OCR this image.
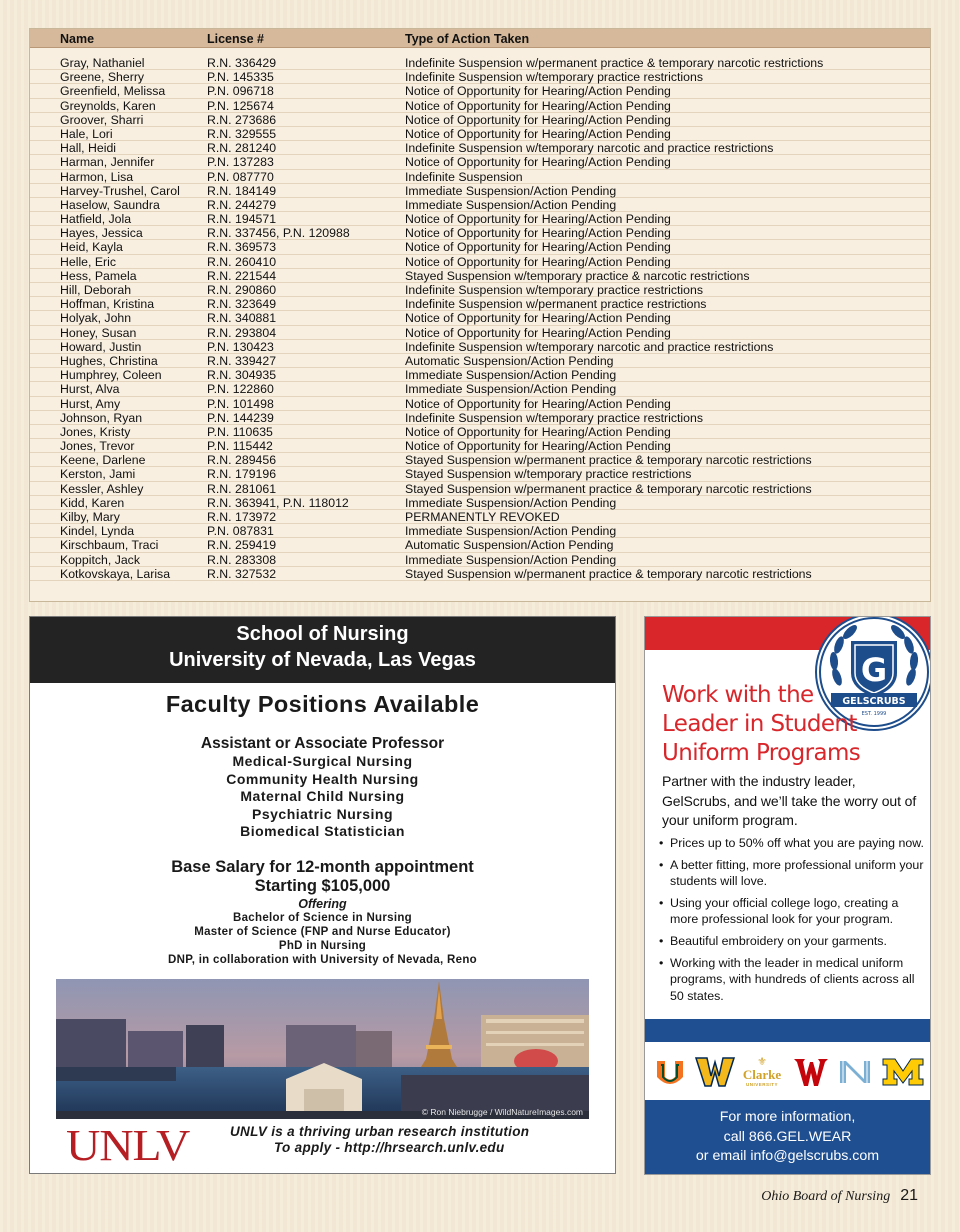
Name	License #	Type of Action Taken
Gray, Nathaniel	R.N. 336429	Indefinite Suspension w/permanent practice & temporary narcotic restrictions
Greene, Sherry	P.N. 145335	Indefinite Suspension w/temporary practice restrictions
Greenfield, Melissa	P.N. 096718	Notice of Opportunity for Hearing/Action Pending
Greynolds, Karen	P.N. 125674	Notice of Opportunity for Hearing/Action Pending
Groover, Sharri	R.N. 273686	Notice of Opportunity for Hearing/Action Pending
Hale, Lori	R.N. 329555	Notice of Opportunity for Hearing/Action Pending
Hall, Heidi	R.N. 281240	Indefinite Suspension w/temporary narcotic and practice restrictions
Harman, Jennifer	P.N. 137283	Notice of Opportunity for Hearing/Action Pending
Harmon, Lisa	P.N. 087770	Indefinite Suspension
Harvey-Trushel, Carol R.N. 184149	Immediate Suspension/Action Pending
Haselow, Saundra	R.N. 244279	Immediate Suspension/Action Pending
Hatfield, Jola	R.N. 194571	Notice of Opportunity for Hearing/Action Pending
Hayes, Jessica	R.N. 337456, P.N. 120988	Notice of Opportunity for Hearing/Action Pending
Heid, Kayla	R.N. 369573	Notice of Opportunity for Hearing/Action Pending
Helle, Eric	R.N. 260410	Notice of Opportunity for Hearing/Action Pending
Hess, Pamela	R.N. 221544	Stayed Suspension w/temporary practice & narcotic restrictions
Hill, Deborah	R.N. 290860	Indefinite Suspension w/temporary practice restrictions
Hoffman, Kristina	R.N. 323649	Indefinite Suspension w/permanent practice restrictions
Holyak, John	R.N. 340881	Notice of Opportunity for Hearing/Action Pending
Honey, Susan	R.N. 293804	Notice of Opportunity for Hearing/Action Pending
Howard, Justin	P.N. 130423	Indefinite Suspension w/temporary narcotic and practice restrictions
Hughes, Christina	R.N. 339427	Automatic Suspension/Action Pending
Humphrey, Coleen	R.N. 304935	Immediate Suspension/Action Pending
Hurst, Alva	P.N. 122860	Immediate Suspension/Action Pending
Hurst, Amy	P.N. 101498	Notice of Opportunity for Hearing/Action Pending
Johnson, Ryan	P.N. 144239	Indefinite Suspension w/temporary practice restrictions
Jones, Kristy	P.N. 110635	Notice of Opportunity for Hearing/Action Pending
Jones, Trevor	P.N. 115442	Notice of Opportunity for Hearing/Action Pending
Keene, Darlene	R.N. 289456	Stayed Suspension w/permanent practice & temporary narcotic restrictions
Kerston, Jami	R.N. 179196	Stayed Suspension w/temporary practice restrictions
Kessler, Ashley	R.N. 281061	Stayed Suspension w/permanent practice & temporary narcotic restrictions
Kidd, Karen	R.N. 363941, P.N. 118012	Immediate Suspension/Action Pending
Kilby, Mary	R.N. 173972	PERMANENTLY REVOKED
Kindel, Lynda	P.N. 087831	Immediate Suspension/Action Pending
Kirschbaum, Traci	R.N. 259419	Automatic Suspension/Action Pending
Koppitch, Jack	R.N. 283308	Immediate Suspension/Action Pending
Kotkovskaya, Larisa	R.N. 327532	Stayed Suspension w/permanent practice & temporary narcotic restrictions
School of Nursing
University of Nevada, Las Vegas
Faculty Positions Available
Assistant or Associate Professor
Medical-Surgical Nursing
Community Health Nursing
Maternal Child Nursing
Psychiatric Nursing
Biomedical Statistician
Base Salary for 12-month appointment
Starting $105,000
Offering
Bachelor of Science in Nursing
Master of Science (FNP and Nurse Educator)
PhD in Nursing
DNP, in collaboration with University of Nevada, Reno
© Ron Niebrugge / WildNatureImages.com
UNLV	UNLV is a thriving urban research institution
To apply - http://hrsearch.unlv.edu
G
GELSCRUBS
EST. 1999
Work with the
Leader in Student
Uniform Programs
Partner with the industry leader, GelScrubs, and we’ll take the worry out of your uniform program.
• Prices up to 50% off what you are paying now.
• A better fitting, more professional uniform your students will love.
• Using your official college logo, creating a more professional look for your program.
• Beautiful embroidery on your garments.
• Working with the leader in medical uniform programs, with hundreds of clients across all 50 states.
⚜
Clarke
UNIVERSITY
For more information,
call 866.GEL.WEAR
or email info@gelscrubs.com
Ohio Board of Nursing 21
